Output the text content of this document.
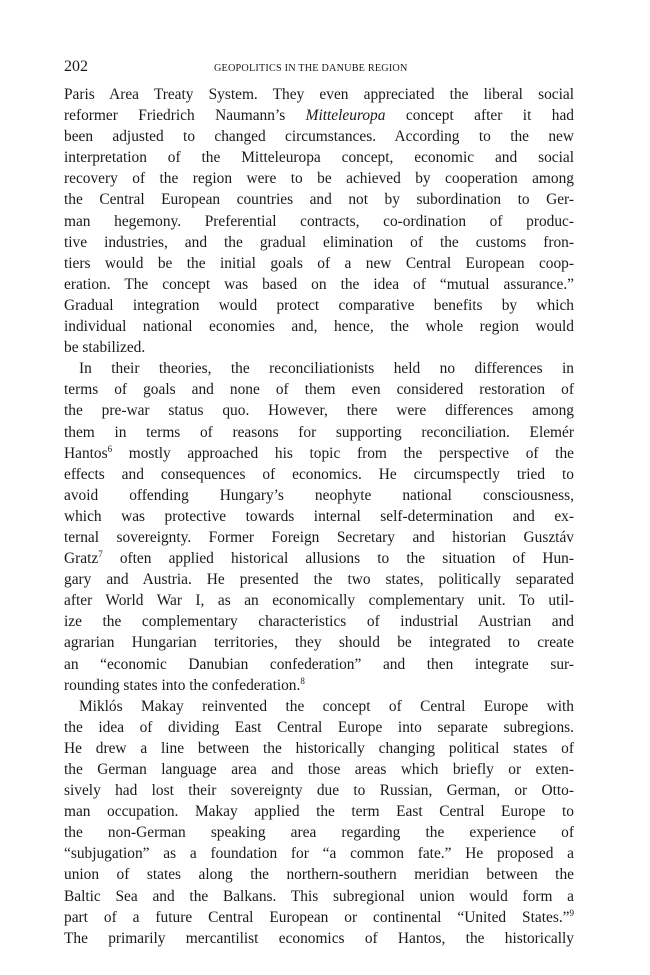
202	GEOPOLITICS IN THE DANUBE REGION
Paris Area Treaty System. They even appreciated the liberal social
reformer Friedrich Naumann’s Mitteleuropa concept after it had
been adjusted to changed circumstances. According to the new
interpretation of the Mitteleuropa concept, economic and social
recovery of the region were to be achieved by cooperation among
the Central European countries and not by subordination to Ger-
man hegemony. Preferential contracts, co-ordination of produc-
tive industries, and the gradual elimination of the customs fron-
tiers would be the initial goals of a new Central European coop-
eration. The concept was based on the idea of “mutual assurance.”
Gradual integration would protect comparative benefits by which
individual national economies and, hence, the whole region would
be stabilized.
In their theories, the reconciliationists held no differences in
terms of goals and none of them even considered restoration of
the pre-war status quo. However, there were differences among
them in terms of reasons for supporting reconciliation. Elemér
Hantos$^6$ mostly approached his topic from the perspective of the
effects and consequences of economics. He circumspectly tried to
avoid offending Hungary’s neophyte national consciousness,
which was protective towards internal self-determination and ex-
ternal sovereignty. Former Foreign Secretary and historian Gusztáv
Gratz$^7$ often applied historical allusions to the situation of Hun-
gary and Austria. He presented the two states, politically separated
after World War I, as an economically complementary unit. To util-
ize the complementary characteristics of industrial Austrian and
agrarian Hungarian territories, they should be integrated to create
an “economic Danubian confederation” and then integrate sur-
rounding states into the confederation.$^8$
Miklós Makay reinvented the concept of Central Europe with
the idea of dividing East Central Europe into separate subregions.
He drew a line between the historically changing political states of
the German language area and those areas which briefly or exten-
sively had lost their sovereignty due to Russian, German, or Otto-
man occupation. Makay applied the term East Central Europe to
the non-German speaking area regarding the experience of
“subjugation” as a foundation for “a common fate.” He proposed a
union of states along the northern-southern meridian between the
Baltic Sea and the Balkans. This subregional union would form a
part of a future Central European or continental “United States.”$^9$
The primarily mercantilist economics of Hantos, the historically
